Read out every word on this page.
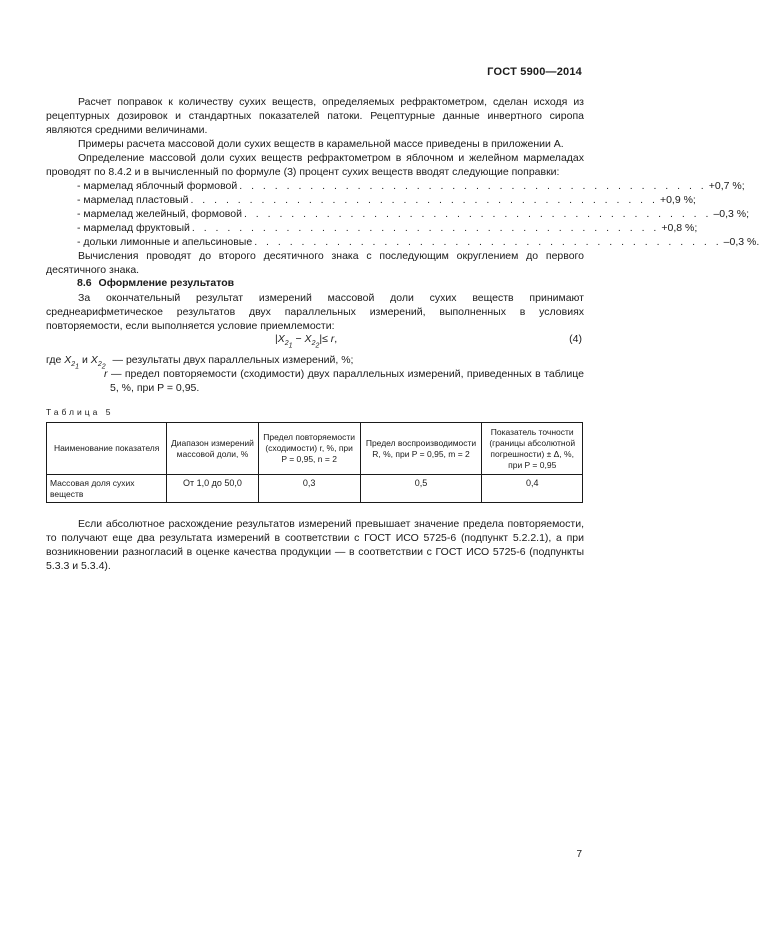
ГОСТ 5900—2014
Расчет поправок к количеству сухих веществ, определяемых рефрактометром, сделан исходя из рецептурных дозировок и стандартных показателей патоки. Рецептурные данные инвертного сиропа являются средними величинами.
Примеры расчета массовой доли сухих веществ в карамельной массе приведены в приложении А.
Определение массовой доли сухих веществ рефрактометром в яблочном и желейном мармеладах проводят по 8.4.2 и в вычисленный по формуле (3) процент сухих веществ вводят следующие поправки:
- мармелад яблочный формовой . . . . . . . . . . . . . . . . . . . . . . . . . . . . . . . . . . . . . . . . +0,7 %;
- мармелад пластовый . . . . . . . . . . . . . . . . . . . . . . . . . . . . . . . . . . . . . . . . +0,9 %;
- мармелад желейный, формовой . . . . . . . . . . . . . . . . . . . . . . . . . . . . . . . . . . . . . . . . –0,3 %;
- мармелад фруктовый . . . . . . . . . . . . . . . . . . . . . . . . . . . . . . . . . . . . . . . . +0,8 %;
- дольки лимонные и апельсиновые . . . . . . . . . . . . . . . . . . . . . . . . . . . . . . . . . . . . . . . . –0,3 %.
Вычисления проводят до второго десятичного знака с последующим округлением до первого десятичного знака.
8.6 Оформление результатов
За окончательный результат измерений массовой доли сухих веществ принимают среднеарифметическое результатов двух параллельных измерений, выполненных в условиях повторяемости, если выполняется условие приемлемости:
$|X_{2_1} - X_{2_2}|\le r$,	(4)
где $X_{2_1}$ и $X_{2_2}$ — результаты двух параллельных измерений, %;
r — предел повторяемости (сходимости) двух параллельных измерений, приведенных в таблице 5, %, при P = 0,95.
Таблица 5
Наименование показателя	Диапазон измерений массовой доли, %	Предел повторяемости (сходимости) r, %, при P = 0,95, n = 2	Предел воспроизводимости R, %, при P = 0,95, m = 2	Показатель точности (границы абсолютной погрешности) ± Δ, %, при P = 0,95
Массовая доля сухих веществ	От 1,0 до 50,0	0,3	0,5	0,4
Если абсолютное расхождение результатов измерений превышает значение предела повторяемости, то получают еще два результата измерений в соответствии с ГОСТ ИСО 5725-6 (подпункт 5.2.2.1), а при возникновении разногласий в оценке качества продукции — в соответствии с ГОСТ ИСО 5725-6 (подпункты 5.3.3 и 5.3.4).
7
